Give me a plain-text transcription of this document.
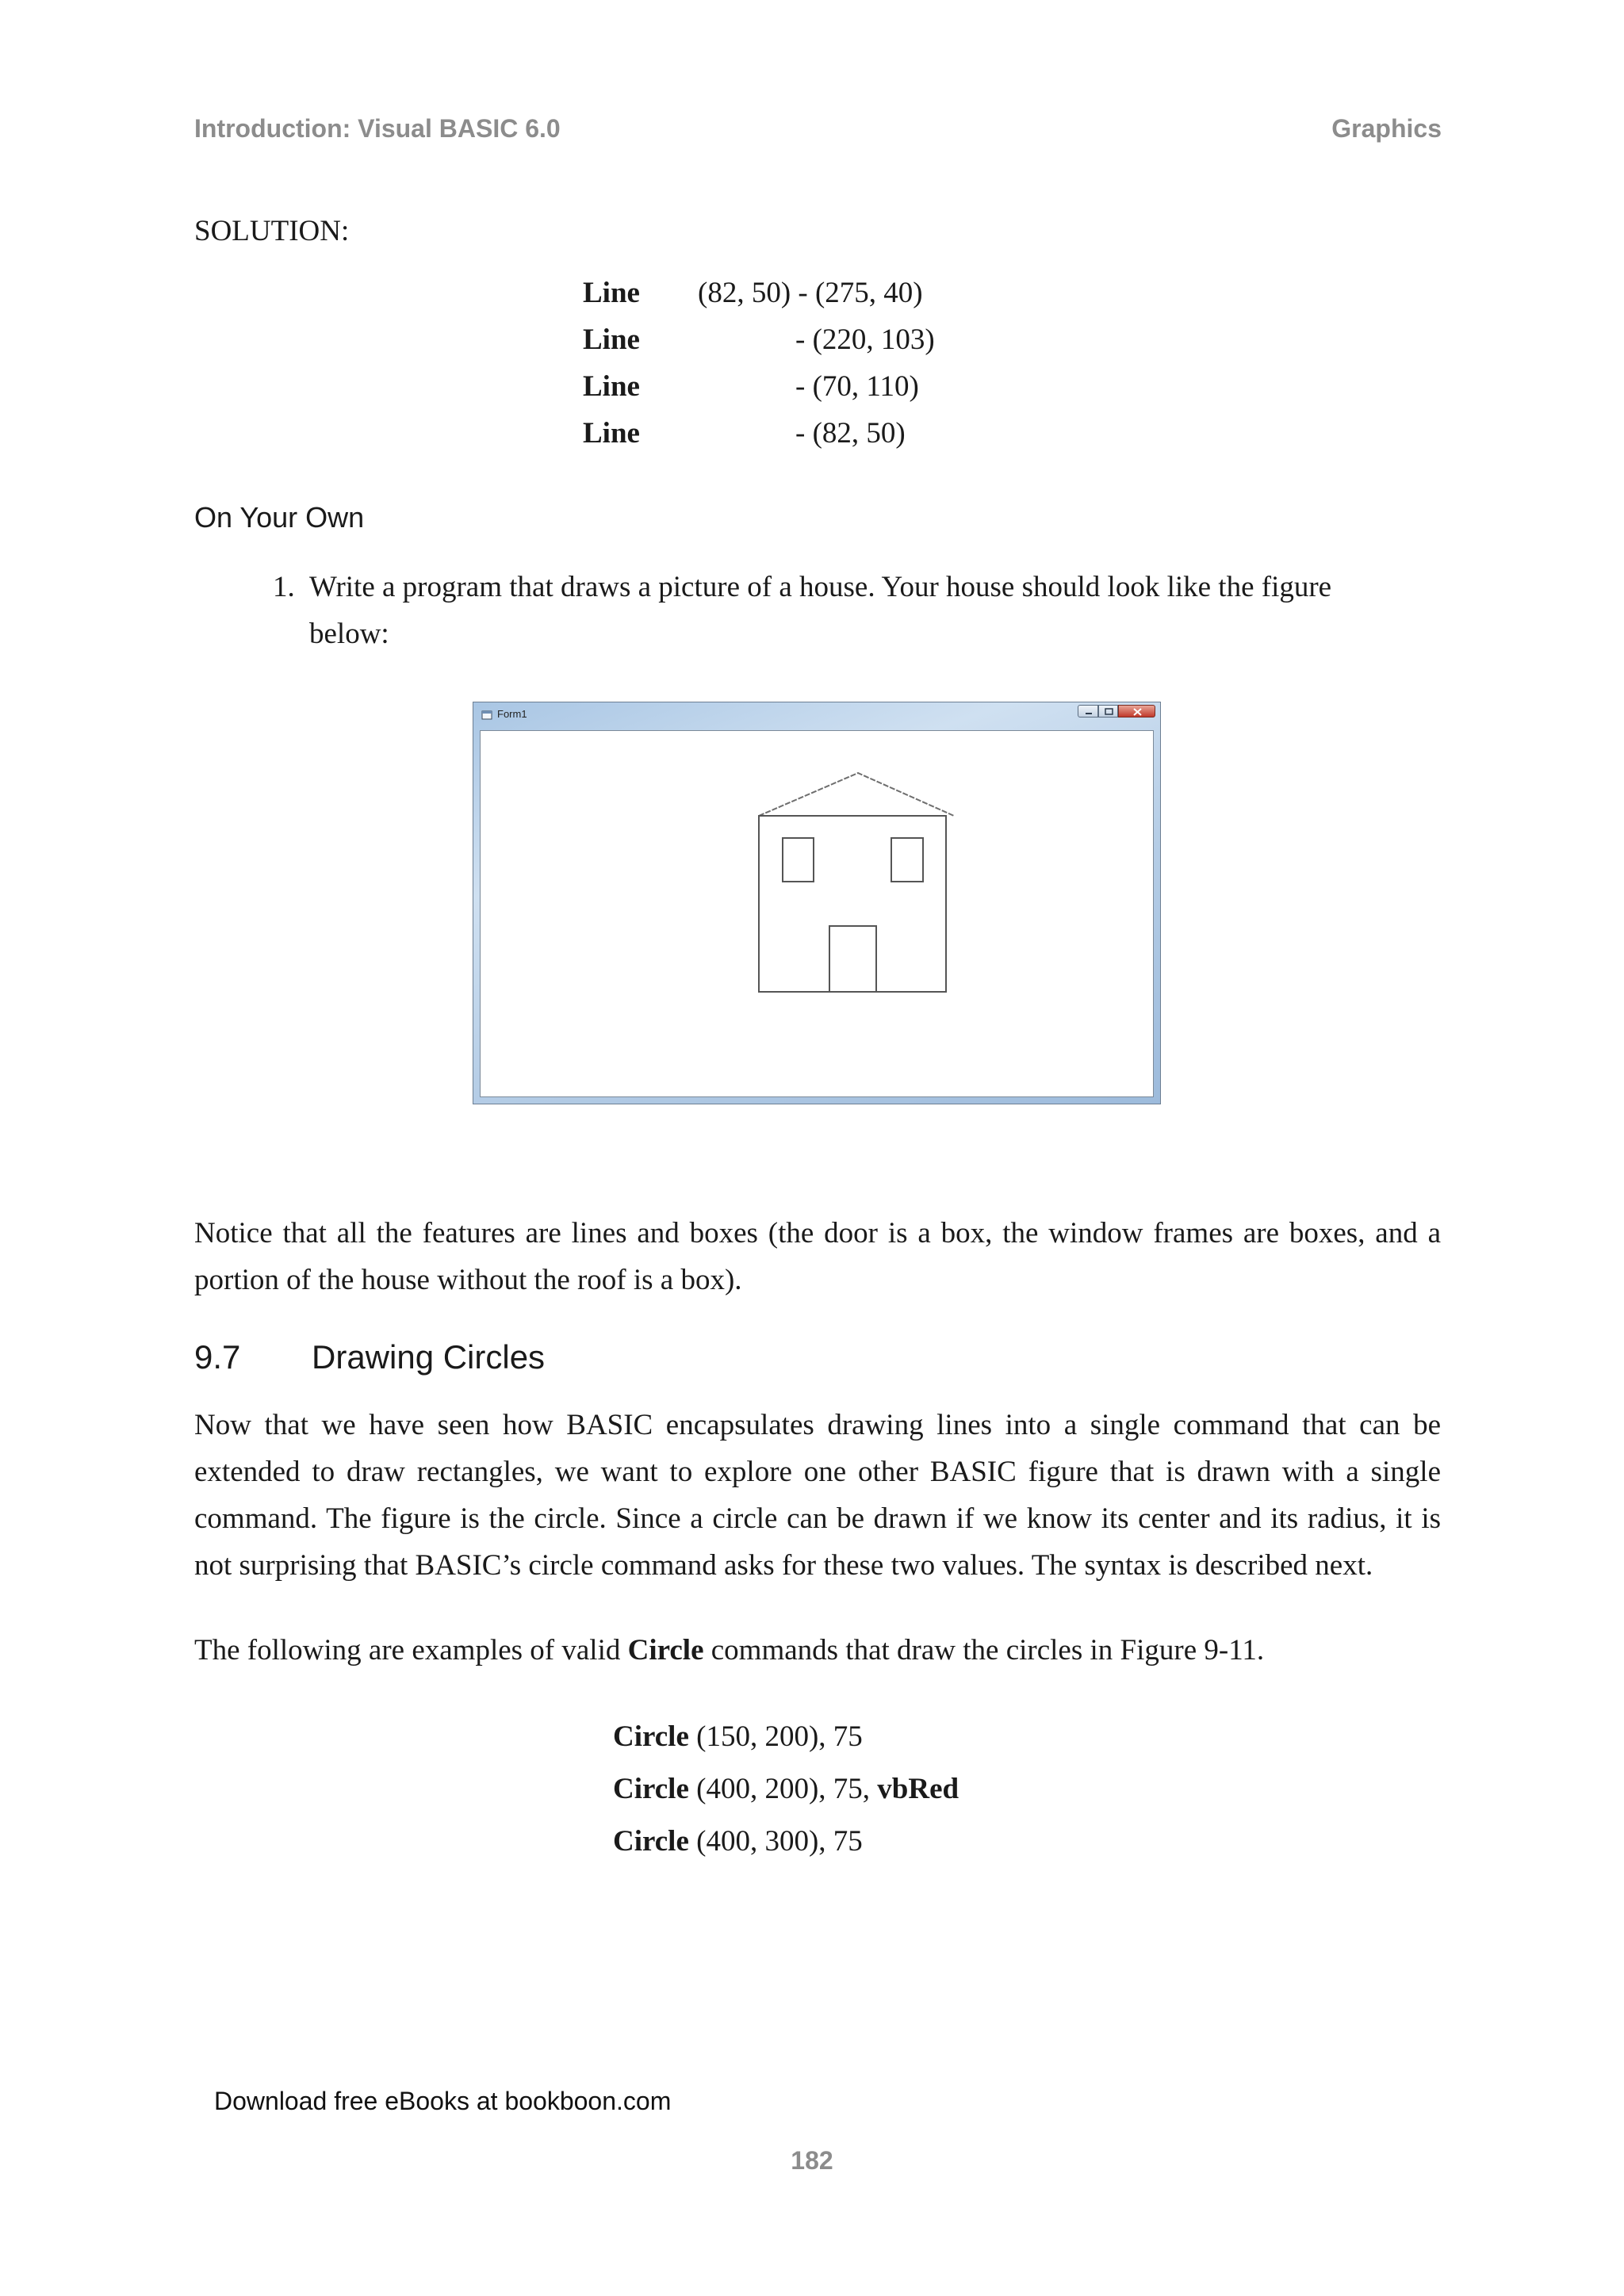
Introduction: Visual BASIC 6.0	Graphics
SOLUTION:
Line (82, 50) - (275, 40)
Line	- (220, 103)
Line	- (70, 110)
Line	- (82, 50)
On Your Own
1. Write a program that draws a picture of a house. Your house should look like the figure below:
Form1
Notice that all the features are lines and boxes (the door is a box, the window frames are boxes, and a portion of the house without the roof is a box).
9.7 Drawing Circles
Now that we have seen how BASIC encapsulates drawing lines into a single command that can be extended to draw rectangles, we want to explore one other BASIC figure that is drawn with a single command. The figure is the circle. Since a circle can be drawn if we know its center and its radius, it is not surprising that BASIC’s circle command asks for these two values. The syntax is described next.
The following are examples of valid Circle commands that draw the circles in Figure 9-11.
Circle (150, 200), 75
Circle (400, 200), 75, vbRed
Circle (400, 300), 75
Download free eBooks at bookboon.com
182
